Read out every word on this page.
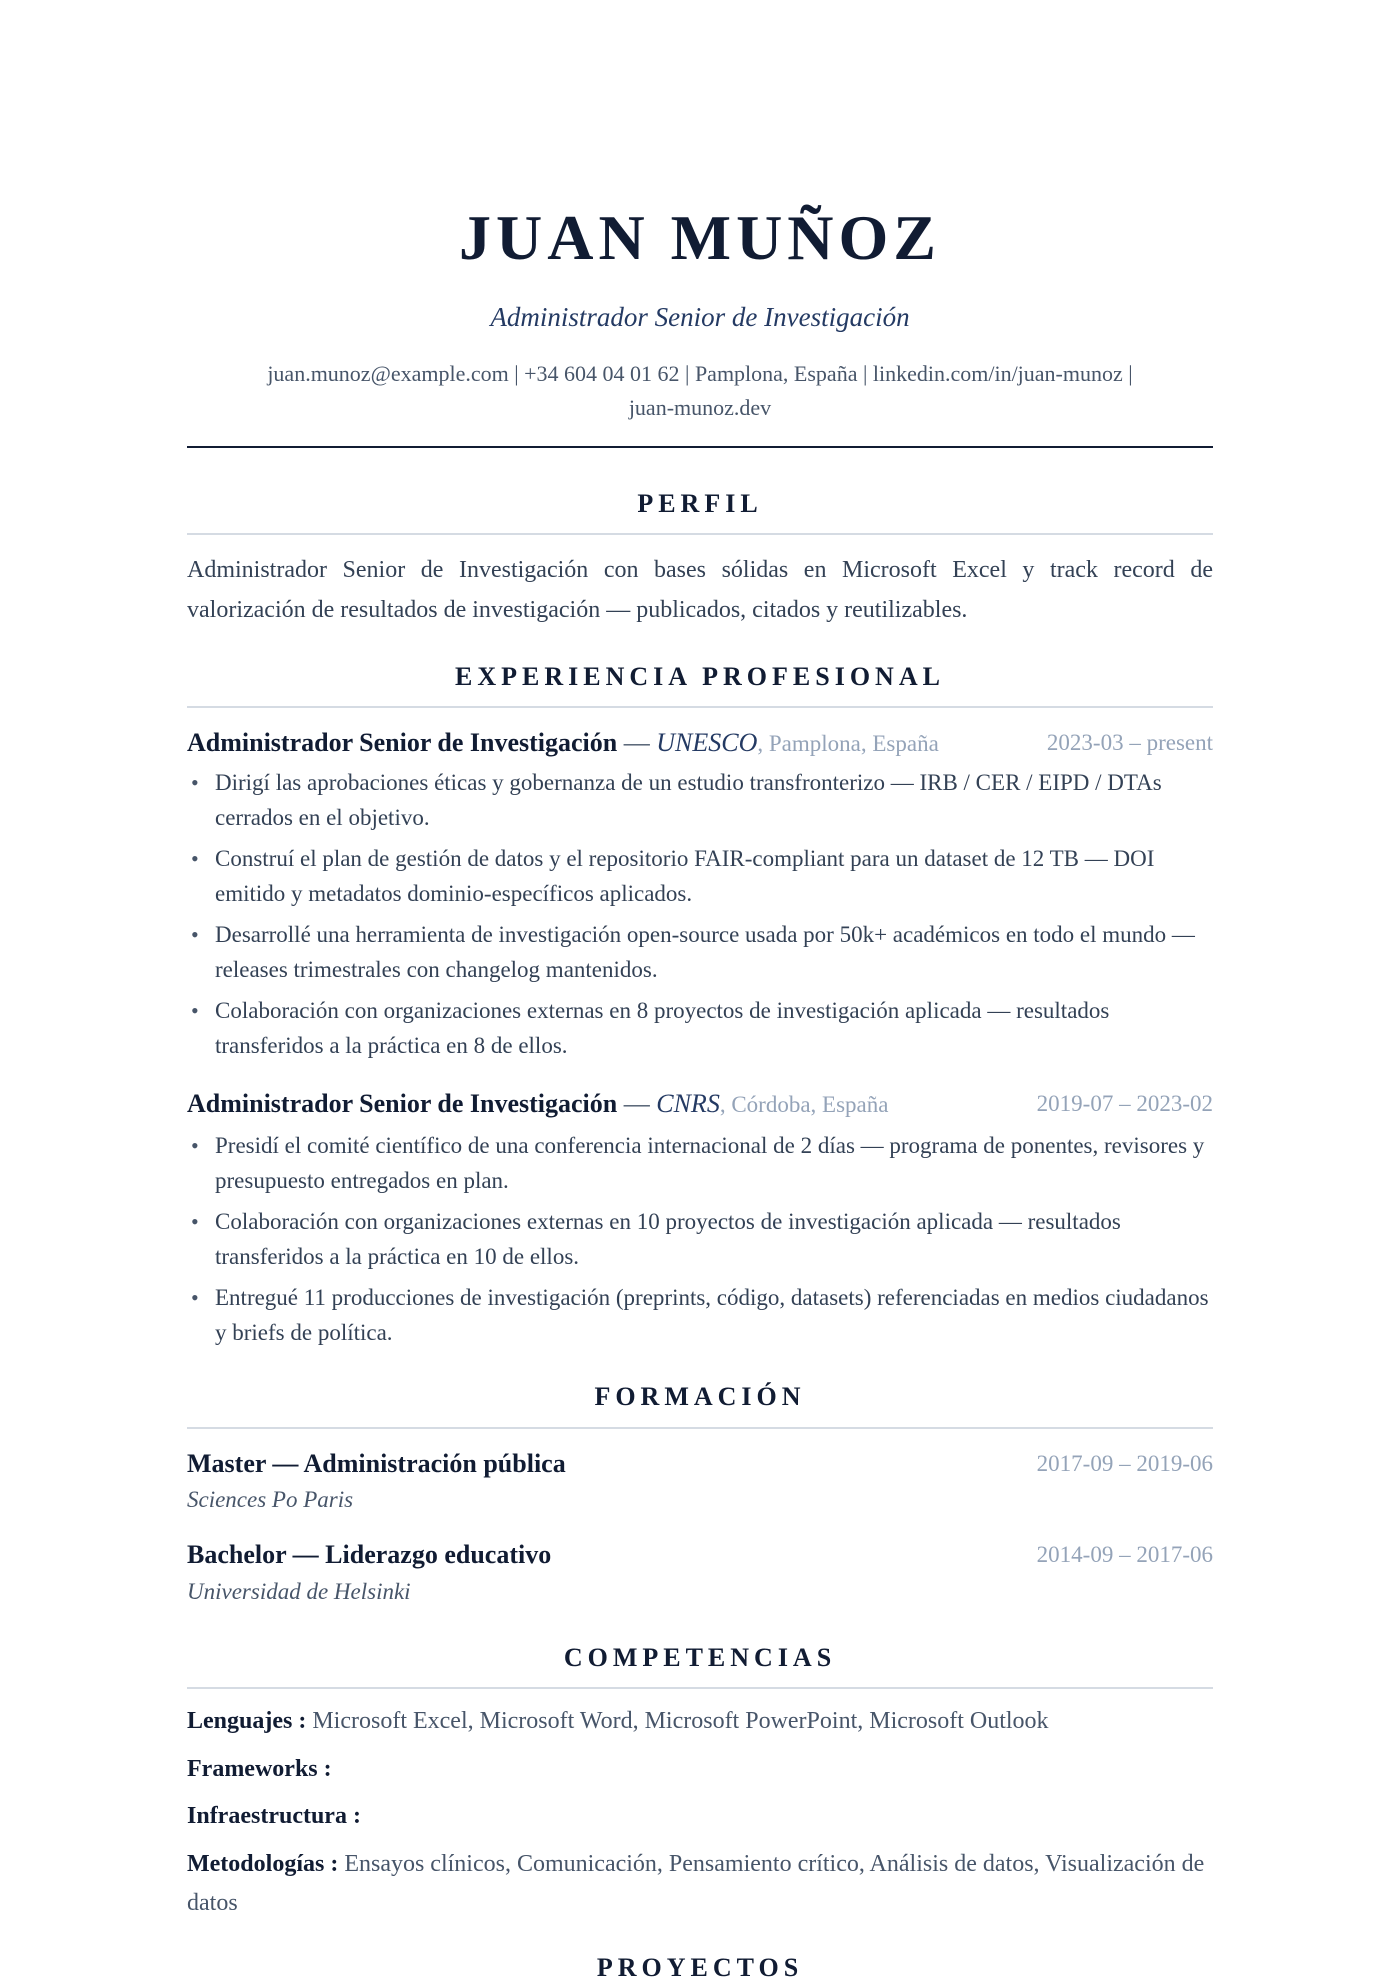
JUAN MUÑOZ
Administrador Senior de Investigación
juan.munoz@example.com | +34 604 04 01 62 | Pamplona, España | linkedin.com/in/juan-munoz |
juan-munoz.dev
PERFIL
Administrador Senior de Investigación con bases sólidas en Microsoft Excel y track record de valorización de resultados de investigación — publicados, citados y reutilizables.
EXPERIENCIA PROFESIONAL
Administrador Senior de Investigación — UNESCO, Pamplona, España	2023-03 – present
• Dirigí las aprobaciones éticas y gobernanza de un estudio transfronterizo — IRB / CER / EIPD / DTAs cerrados en el objetivo.
• Construí el plan de gestión de datos y el repositorio FAIR-compliant para un dataset de 12 TB — DOI emitido y metadatos dominio-específicos aplicados.
• Desarrollé una herramienta de investigación open-source usada por 50k+ académicos en todo el mundo — releases trimestrales con changelog mantenidos.
• Colaboración con organizaciones externas en 8 proyectos de investigación aplicada — resultados transferidos a la práctica en 8 de ellos.
Administrador Senior de Investigación — CNRS, Córdoba, España	2019-07 – 2023-02
• Presidí el comité científico de una conferencia internacional de 2 días — programa de ponentes, revisores y presupuesto entregados en plan.
• Colaboración con organizaciones externas en 10 proyectos de investigación aplicada — resultados transferidos a la práctica en 10 de ellos.
• Entregué 11 producciones de investigación (preprints, código, datasets) referenciadas en medios ciudadanos y briefs de política.
FORMACIÓN
Master — Administración pública	2017-09 – 2019-06
Sciences Po Paris
Bachelor — Liderazgo educativo	2014-09 – 2017-06
Universidad de Helsinki
COMPETENCIAS
Lenguajes : Microsoft Excel, Microsoft Word, Microsoft PowerPoint, Microsoft Outlook
Frameworks :
Infraestructura :
Metodologías : Ensayos clínicos, Comunicación, Pensamiento crítico, Análisis de datos, Visualización de datos
PROYECTOS
